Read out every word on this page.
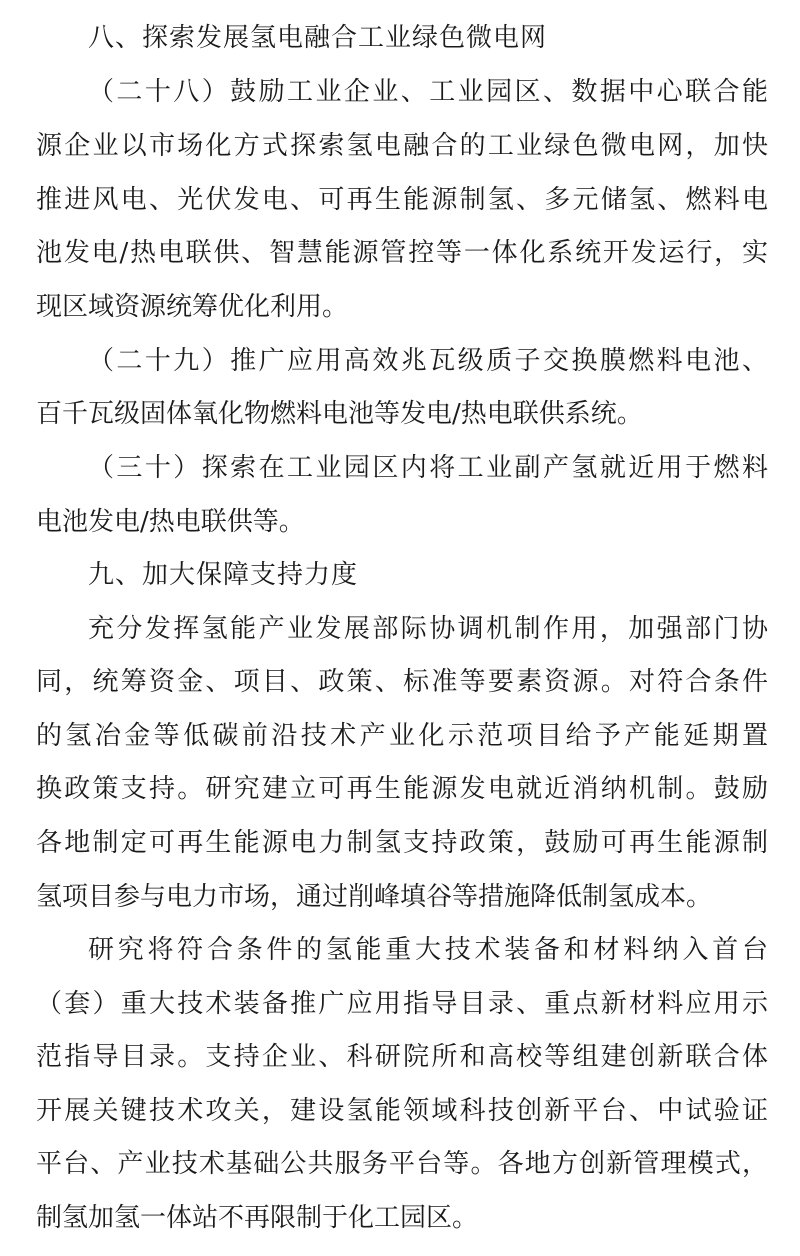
八、探索发展氢电融合工业绿色微电网
（二十八）鼓励工业企业、工业园区、数据中心联合能
源企业以市场化方式探索氢电融合的工业绿色微电网，加快
推进风电、光伏发电、可再生能源制氢、多元储氢、燃料电
池发电/热电联供、智慧能源管控等一体化系统开发运行，实
现区域资源统筹优化利用。
（二十九）推广应用高效兆瓦级质子交换膜燃料电池、
百千瓦级固体氧化物燃料电池等发电/热电联供系统。
（三十）探索在工业园区内将工业副产氢就近用于燃料
电池发电/热电联供等。
九、加大保障支持力度
充分发挥氢能产业发展部际协调机制作用，加强部门协
同，统筹资金、项目、政策、标准等要素资源。对符合条件
的氢冶金等低碳前沿技术产业化示范项目给予产能延期置
换政策支持。研究建立可再生能源发电就近消纳机制。鼓励
各地制定可再生能源电力制氢支持政策，鼓励可再生能源制
氢项目参与电力市场，通过削峰填谷等措施降低制氢成本。
研究将符合条件的氢能重大技术装备和材料纳入首台
（套）重大技术装备推广应用指导目录、重点新材料应用示
范指导目录。支持企业、科研院所和高校等组建创新联合体
开展关键技术攻关，建设氢能领域科技创新平台、中试验证
平台、产业技术基础公共服务平台等。各地方创新管理模式，
制氢加氢一体站不再限制于化工园区。
